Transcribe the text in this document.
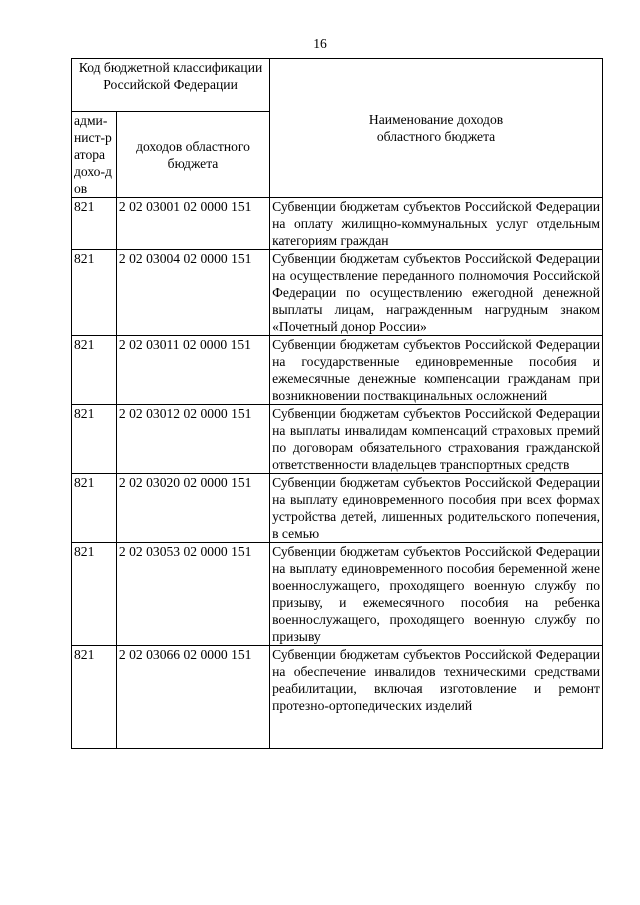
16
Код бюджетной классификации Российской Федерации		Наименование доходов областного бюджета
адми-нист-ратора дохо-дов	доходов областного бюджета	
821	2 02 03001 02 0000 151	Субвенции бюджетам субъектов Российской Федерации на оплату жилищно-коммунальных услуг отдельным категориям граждан
821	2 02 03004 02 0000 151	Субвенции бюджетам субъектов Российской Федерации на осуществление переданного полномочия Российской Федерации по осуществлению ежегодной денежной выплаты лицам, награжденным нагрудным знаком «Почетный донор России»
821	2 02 03011 02 0000 151	Субвенции бюджетам субъектов Российской Федерации на государственные единовременные пособия и ежемесячные денежные компенсации гражданам при возникновении поствакцинальных осложнений
821	2 02 03012 02 0000 151	Субвенции бюджетам субъектов Российской Федерации на выплаты инвалидам компенсаций страховых премий по договорам обязательного страхования гражданской ответственности владельцев транспортных средств
821	2 02 03020 02 0000 151	Субвенции бюджетам субъектов Российской Федерации на выплату единовременного пособия при всех формах устройства детей, лишенных родительского попечения, в семью
821	2 02 03053 02 0000 151	Субвенции бюджетам субъектов Российской Федерации на выплату единовременного пособия беременной жене военнослужащего, проходящего военную службу по призыву, и ежемесячного пособия на ребенка военнослужащего, проходящего военную службу по призыву
821	2 02 03066 02 0000 151	Субвенции бюджетам субъектов Российской Федерации на обеспечение инвалидов техническими средствами реабилитации, включая изготовление и ремонт протезно-ортопедических изделий
